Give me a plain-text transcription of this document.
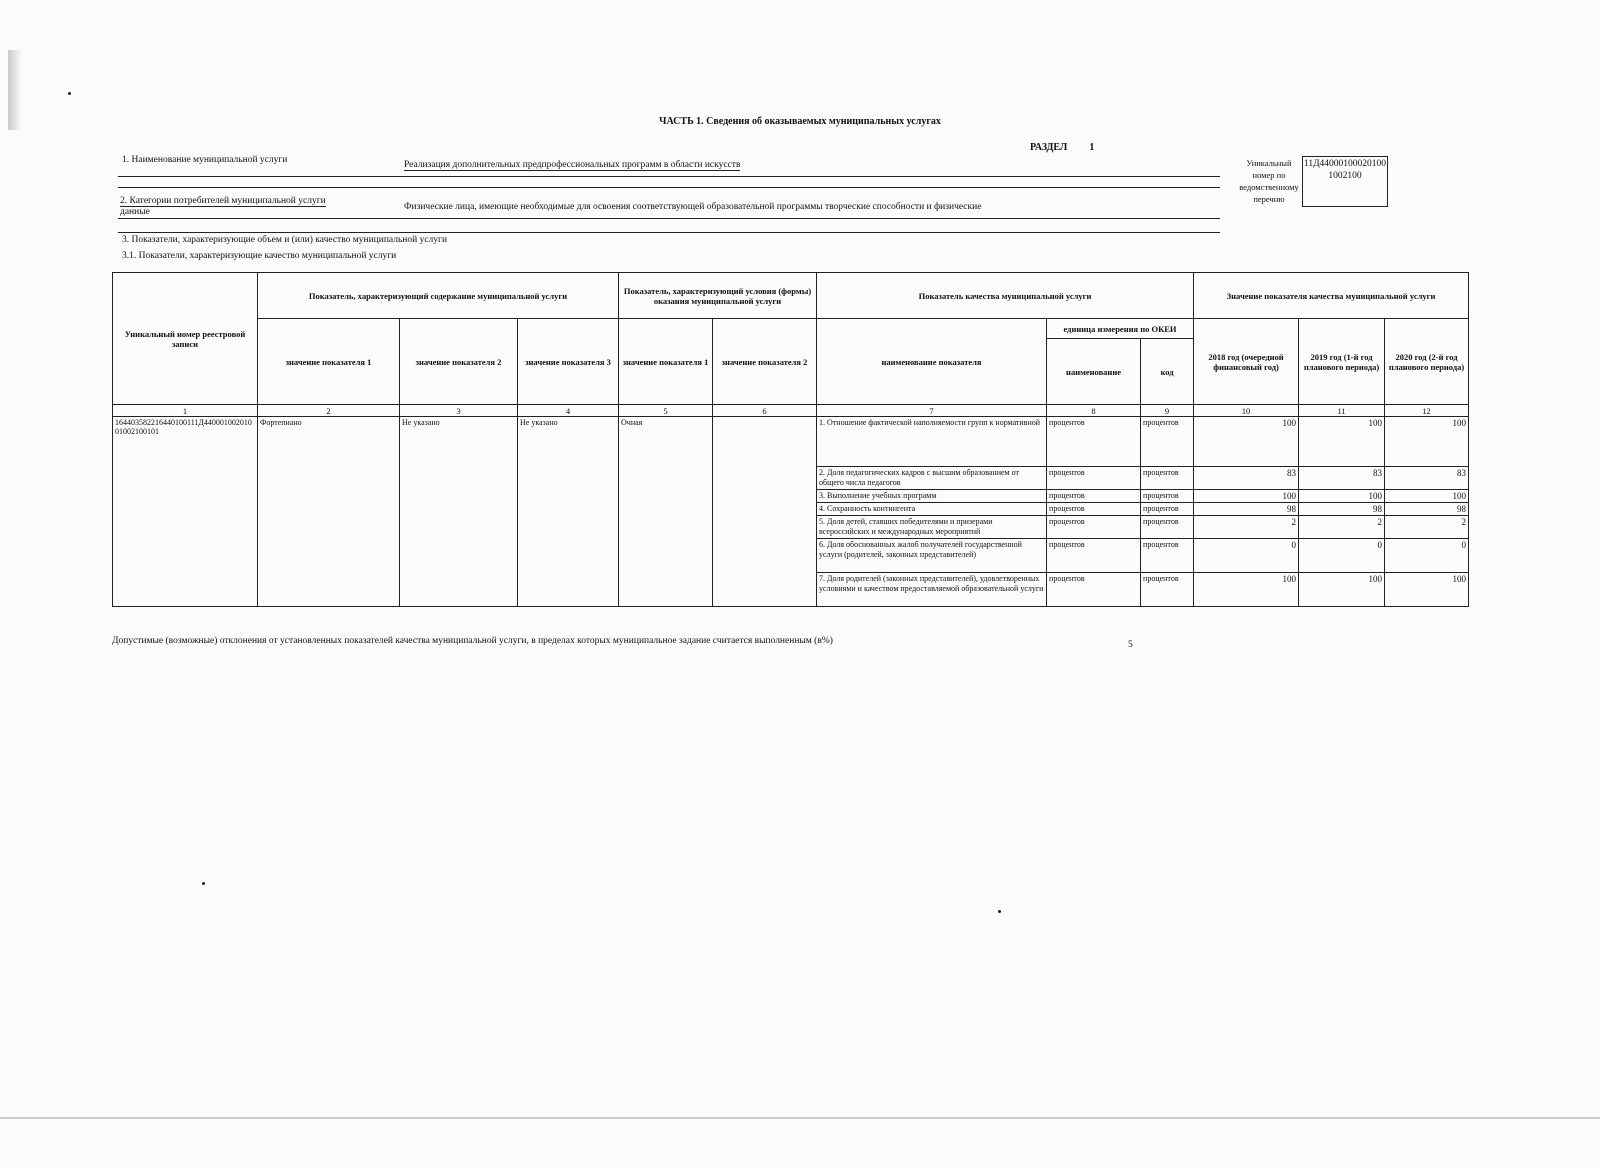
ЧАСТЬ 1. Сведения об оказываемых муниципальных услугах
РАЗДЕЛ 1
1. Наименование муниципальной услуги	Реализация дополнительных предпрофессиональных программ в области искусств
2. Категории потребителей муниципальной услуги
Физические лица, имеющие необходимые для освоения соответствующей образовательной программы творческие способности и физические
данные
Уникальный номер по ведомственному перечню
11Д44000100020100
1002100
3. Показатели, характеризующие объем и (или) качество муниципальной услуги
3.1. Показатели, характеризующие качество муниципальной услуги
Уникальный номер реестровой записи	Показатель, характеризующий содержание муниципальной услуги			Показатель, характеризующий условия (формы) оказания муниципальной услуги		Показатель качества муниципальной услуги			Значение показателя качества муниципальной услуги		
	значение показателя 1	значение показателя 2	значение показателя 3	значение показателя 1	значение показателя 2	наименование показателя	единица измерения по ОКЕИ		2018 год (очередной финансовый год)	2019 год (1-й год планового периода)	2020 год (2-й год планового периода)
							наименование	код			
1	2	3	4	5	6	7	8	9	10	11	12
164403582216440100111Д44000100201001002100101	Фортепиано	Не указано	Не указано	Очная		1. Отношение фактической наполняемости групп к нормативной	процентов	процентов	100	100	100
						2. Доля педагогических кадров с высшим образованием от общего числа педагогов	процентов	процентов	83	83	83
						3. Выполнение учебных программ	процентов	процентов	100	100	100
						4. Сохранность контингента	процентов	процентов	98	98	98
						5. Доля детей, ставших победителями и призерами всероссийских и международных мероприятий	процентов	процентов	2	2	2
						6. Доля обоснованных жалоб получателей государственной услуги (родителей, законных представителей)	процентов	процентов	0	0	0
						7. Доля родителей (законных представителей), удовлетворенных условиями и качеством предоставляемой образовательной услуги	процентов	процентов	100	100	100
Допустимые (возможные) отклонения от установленных показателей качества муниципальной услуги, в пределах которых муниципальное задание считается выполненным (в%)	5
